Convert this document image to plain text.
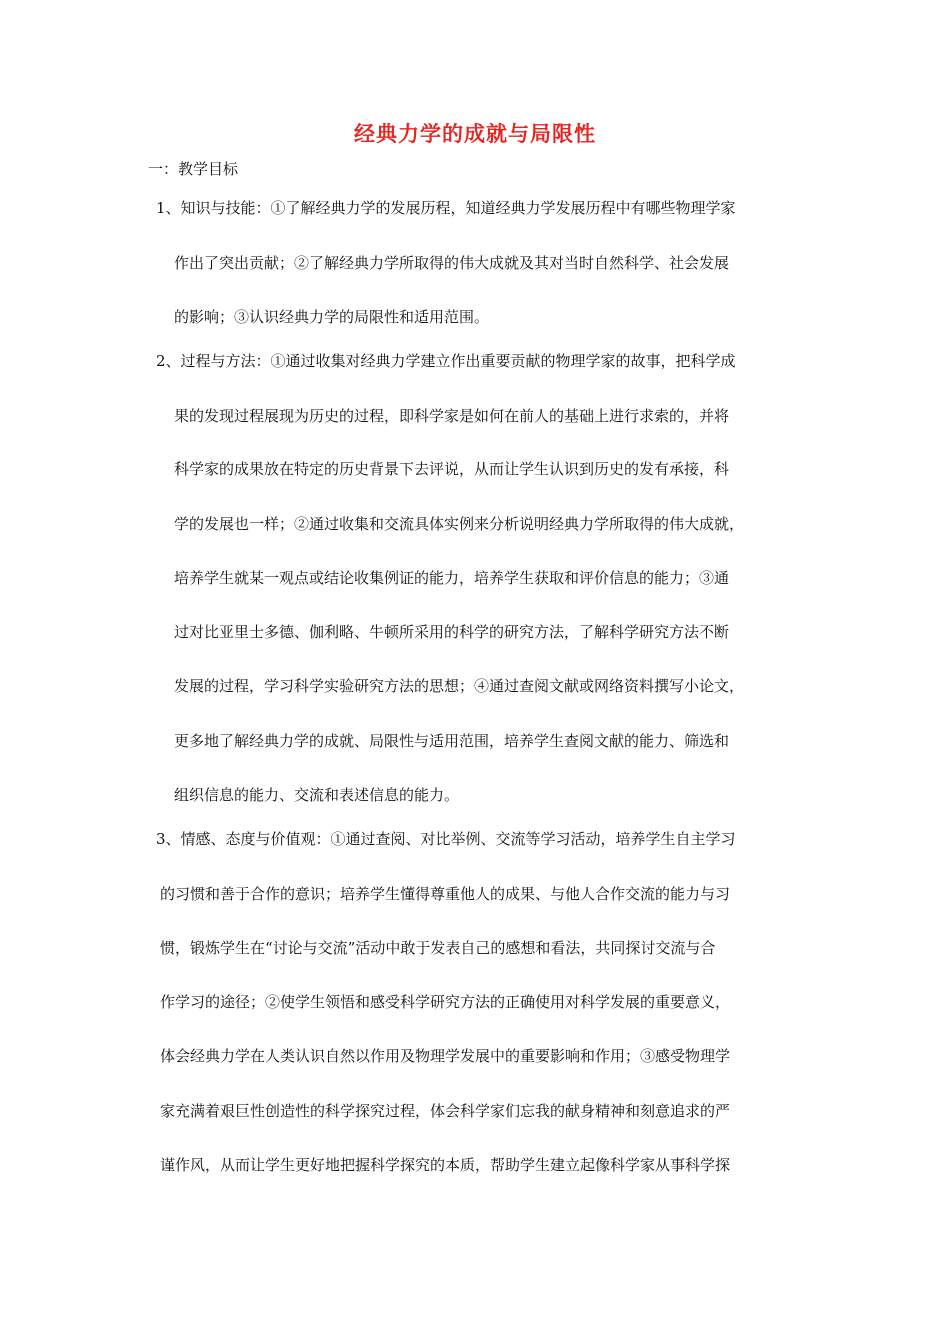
经典力学的成就与局限性
一：教学目标
1、知识与技能：①了解经典力学的发展历程，知道经典力学发展历程中有哪些物理学家
作出了突出贡献；②了解经典力学所取得的伟大成就及其对当时自然科学、社会发展
的影响；③认识经典力学的局限性和适用范围。
2、过程与方法：①通过收集对经典力学建立作出重要贡献的物理学家的故事，把科学成
果的发现过程展现为历史的过程，即科学家是如何在前人的基础上进行求索的，并将
科学家的成果放在特定的历史背景下去评说，从而让学生认识到历史的发有承接，科
学的发展也一样；②通过收集和交流具体实例来分析说明经典力学所取得的伟大成就，
培养学生就某一观点或结论收集例证的能力，培养学生获取和评价信息的能力；③通
过对比亚里士多德、伽利略、牛顿所采用的科学的研究方法，了解科学研究方法不断
发展的过程，学习科学实验研究方法的思想；④通过查阅文献或网络资料撰写小论文，
更多地了解经典力学的成就、局限性与适用范围，培养学生查阅文献的能力、筛选和
组织信息的能力、交流和表述信息的能力。
3、情感、态度与价值观：①通过查阅、对比举例、交流等学习活动，培养学生自主学习
的习惯和善于合作的意识；培养学生懂得尊重他人的成果、与他人合作交流的能力与习
惯，锻炼学生在“讨论与交流”活动中敢于发表自己的感想和看法，共同探讨交流与合
作学习的途径；②使学生领悟和感受科学研究方法的正确使用对科学发展的重要意义，
体会经典力学在人类认识自然以作用及物理学发展中的重要影响和作用；③感受物理学
家充满着艰巨性创造性的科学探究过程，体会科学家们忘我的献身精神和刻意追求的严
谨作风，从而让学生更好地把握科学探究的本质，帮助学生建立起像科学家从事科学探
